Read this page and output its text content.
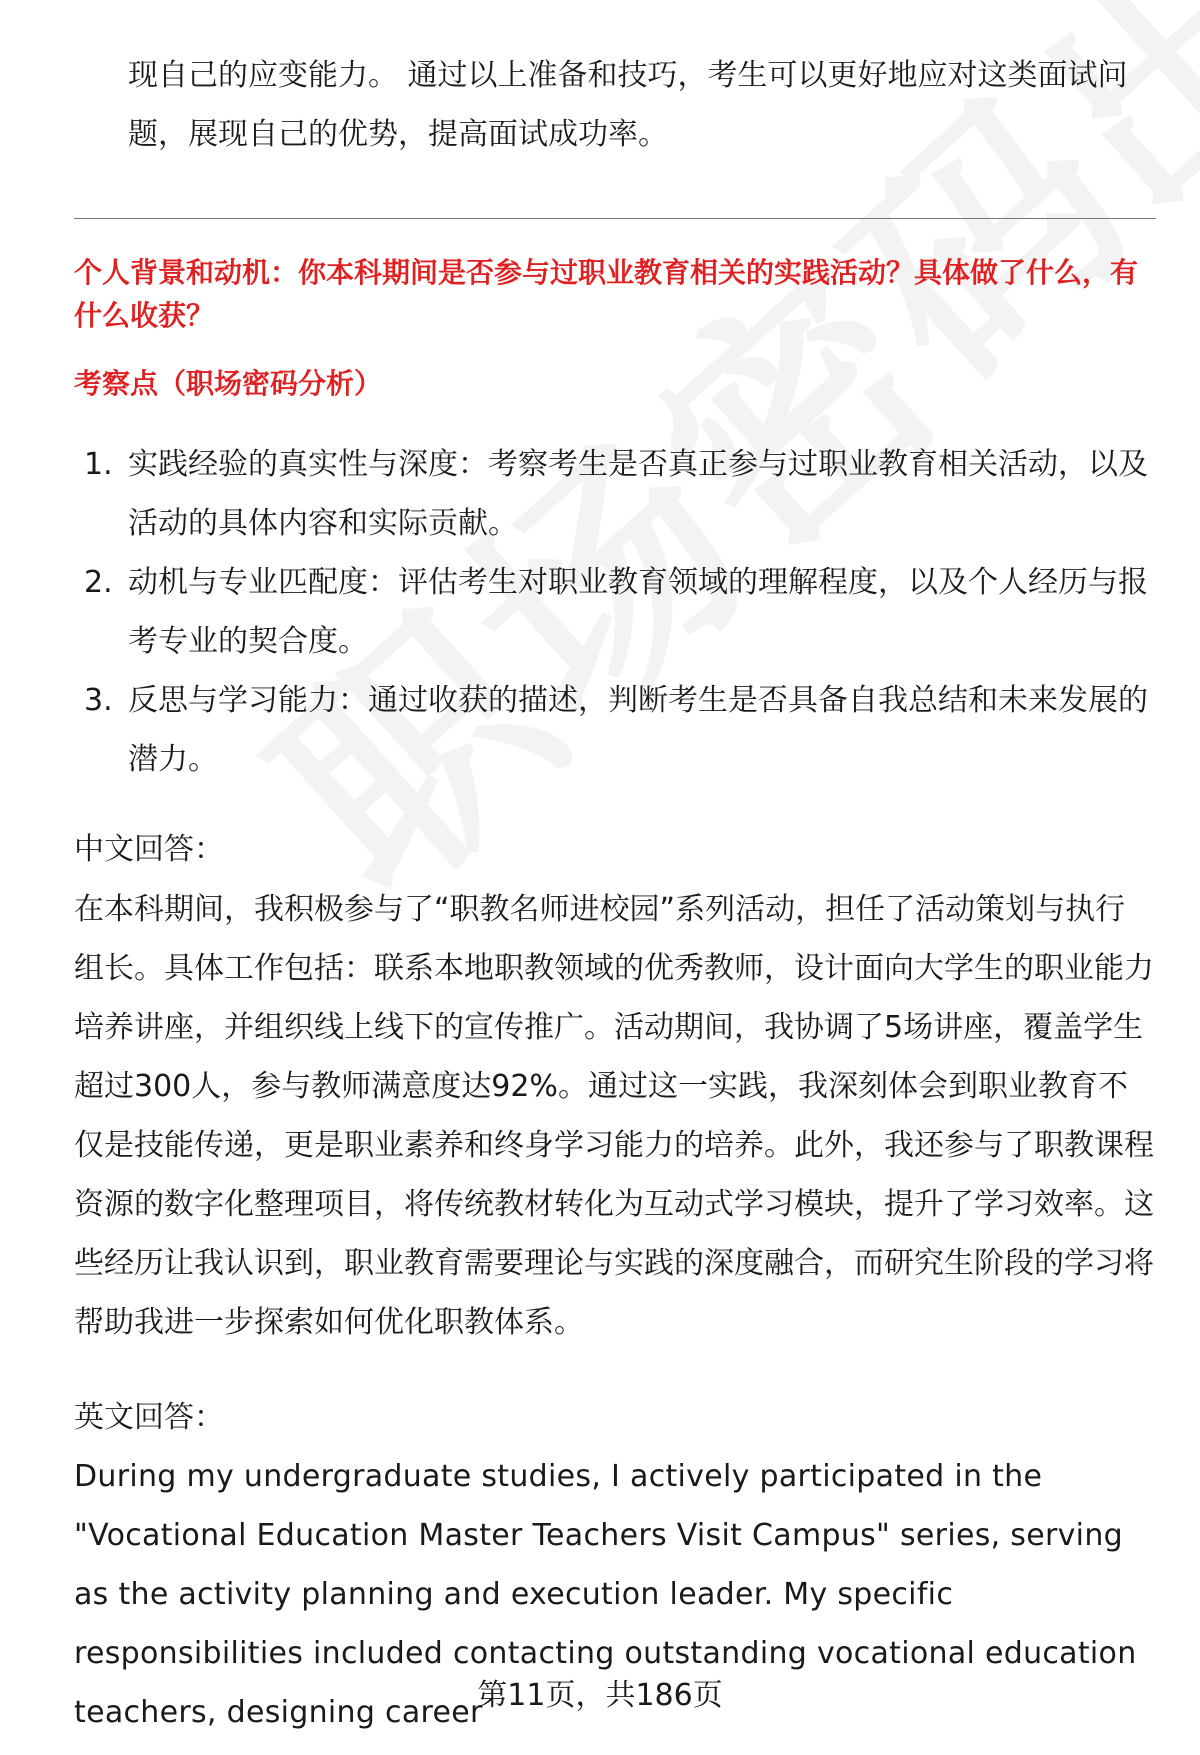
现自己的应变能力。 通过以上准备和技巧，考生可以更好地应对这类面试问题，展现自己的优势，提高面试成功率。

个人背景和动机：你本科期间是否参与过职业教育相关的实践活动？具体做了什么，有什么收获？

考察点（职场密码分析）

1. 实践经验的真实性与深度：考察考生是否真正参与过职业教育相关活动，以及活动的具体内容和实际贡献。
2. 动机与专业匹配度：评估考生对职业教育领域的理解程度，以及个人经历与报考专业的契合度。
3. 反思与学习能力：通过收获的描述，判断考生是否具备自我总结和未来发展的潜力。

中文回答：

在本科期间，我积极参与了“职教名师进校园”系列活动，担任了活动策划与执行组长。具体工作包括：联系本地职教领域的优秀教师，设计面向大学生的职业能力培养讲座，并组织线上线下的宣传推广。活动期间，我协调了5场讲座，覆盖学生超过300人，参与教师满意度达92%。通过这一实践，我深刻体会到职业教育不仅是技能传递，更是职业素养和终身学习能力的培养。此外，我还参与了职教课程资源的数字化整理项目，将传统教材转化为互动式学习模块，提升了学习效率。这些经历让我认识到，职业教育需要理论与实践的深度融合，而研究生阶段的学习将帮助我进一步探索如何优化职教体系。

英文回答：

During my undergraduate studies, I actively participated in the "Vocational Education Master Teachers Visit Campus" series, serving as the activity planning and execution leader. My specific responsibilities included contacting outstanding vocational education teachers, designing career

第11页，共186页
